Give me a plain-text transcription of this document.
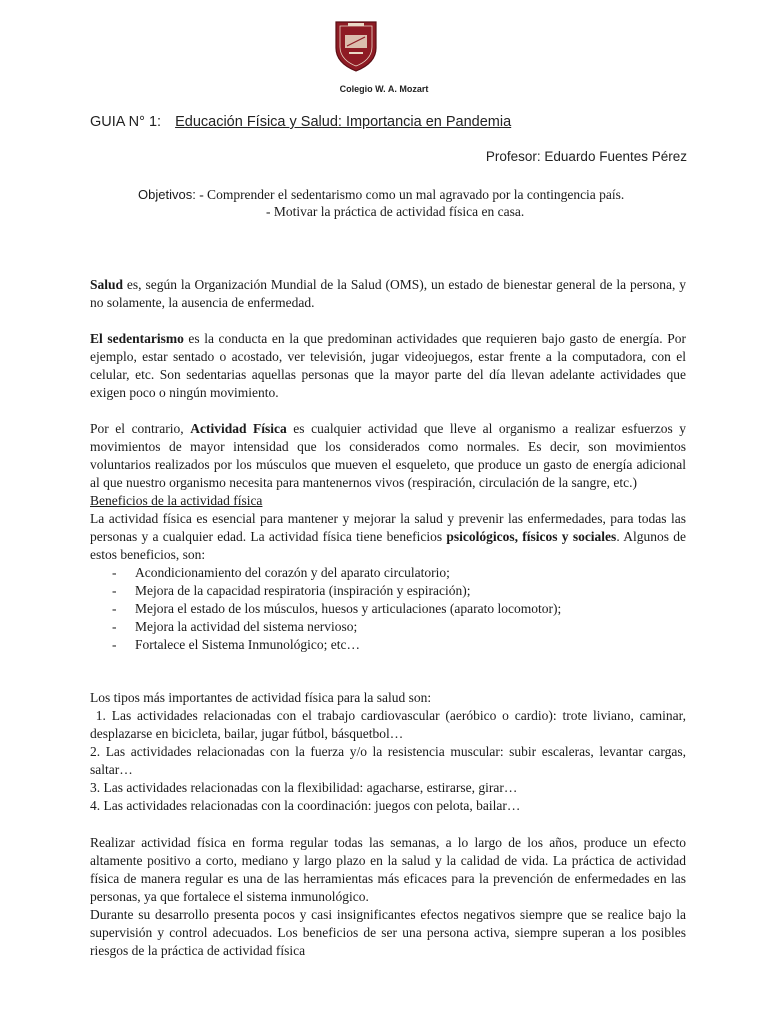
Colegio W. A. Mozart
GUIA N° 1: Educación Física y Salud: Importancia en Pandemia
Profesor: Eduardo Fuentes Pérez
Objetivos: - Comprender el sedentarismo como un mal agravado por la contingencia país.
- Motivar la práctica de actividad física en casa.

Salud es, según la Organización Mundial de la Salud (OMS), un estado de bienestar general de la persona, y no solamente, la ausencia de enfermedad.

El sedentarismo es la conducta en la que predominan actividades que requieren bajo gasto de energía. Por ejemplo, estar sentado o acostado, ver televisión, jugar videojuegos, estar frente a la computadora, con el celular, etc. Son sedentarias aquellas personas que la mayor parte del día llevan adelante actividades que exigen poco o ningún movimiento.

Por el contrario, Actividad Física es cualquier actividad que lleve al organismo a realizar esfuerzos y movimientos de mayor intensidad que los considerados como normales. Es decir, son movimientos voluntarios realizados por los músculos que mueven el esqueleto, que produce un gasto de energía adicional al que nuestro organismo necesita para mantenernos vivos (respiración, circulación de la sangre, etc.)

Beneficios de la actividad física

La actividad física es esencial para mantener y mejorar la salud y prevenir las enfermedades, para todas las personas y a cualquier edad. La actividad física tiene beneficios psicológicos, físicos y sociales. Algunos de estos beneficios, son:

- Acondicionamiento del corazón y del aparato circulatorio;
- Mejora de la capacidad respiratoria (inspiración y espiración);
- Mejora el estado de los músculos, huesos y articulaciones (aparato locomotor);
- Mejora la actividad del sistema nervioso;
- Fortalece el Sistema Inmunológico; etc…

Los tipos más importantes de actividad física para la salud son:

1. Las actividades relacionadas con el trabajo cardiovascular (aeróbico o cardio): trote liviano, caminar, desplazarse en bicicleta, bailar, jugar fútbol, básquetbol…

2. Las actividades relacionadas con la fuerza y/o la resistencia muscular: subir escaleras, levantar cargas, saltar…

3. Las actividades relacionadas con la flexibilidad: agacharse, estirarse, girar…

4. Las actividades relacionadas con la coordinación: juegos con pelota, bailar…

Realizar actividad física en forma regular todas las semanas, a lo largo de los años, produce un efecto altamente positivo a corto, mediano y largo plazo en la salud y la calidad de vida. La práctica de actividad física de manera regular es una de las herramientas más eficaces para la prevención de enfermedades en las personas, ya que fortalece el sistema inmunológico.

Durante su desarrollo presenta pocos y casi insignificantes efectos negativos siempre que se realice bajo la supervisión y control adecuados. Los beneficios de ser una persona activa, siempre superan a los posibles riesgos de la práctica de actividad física
